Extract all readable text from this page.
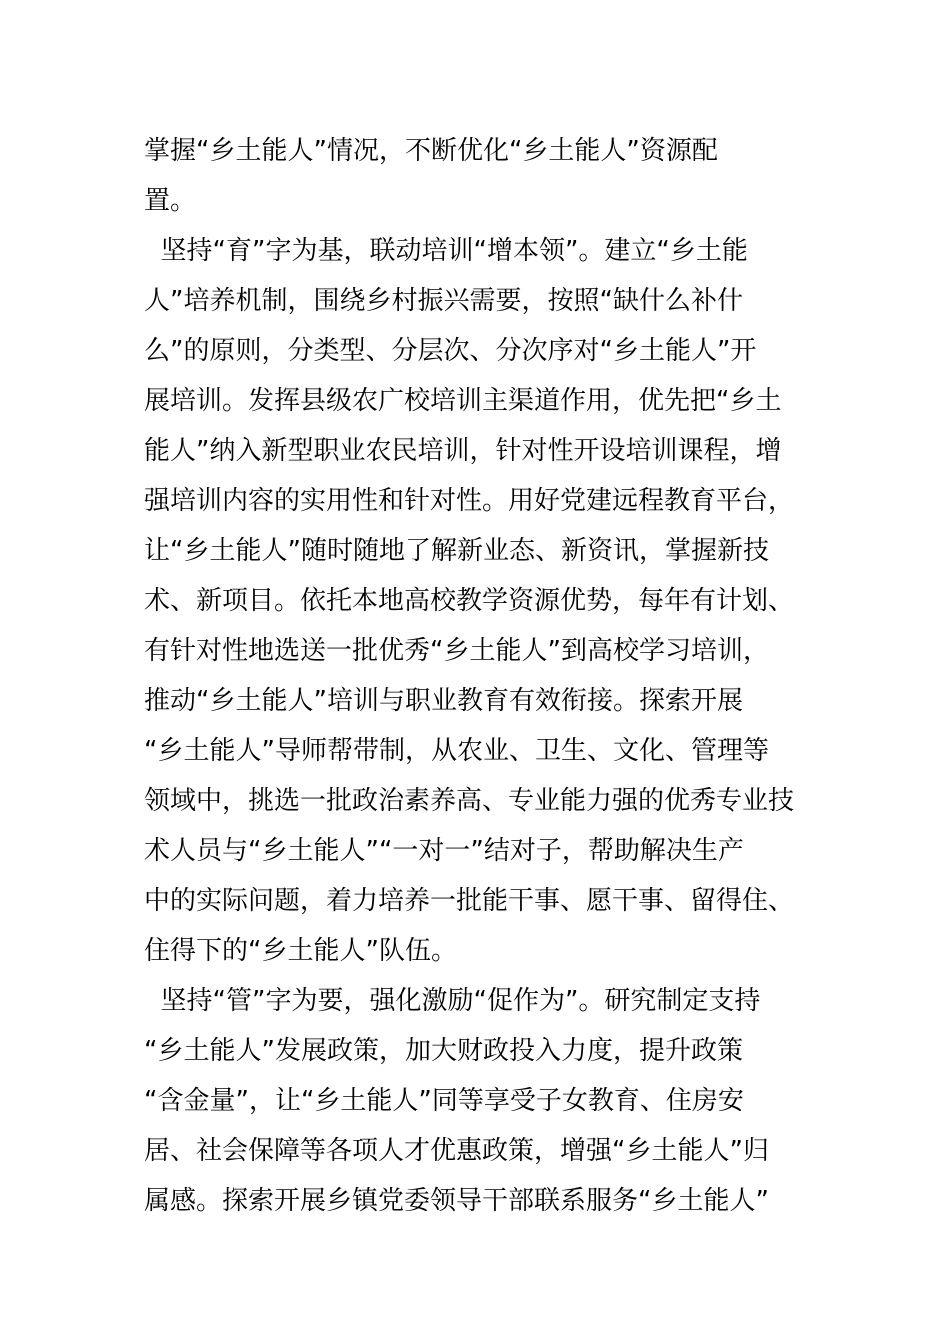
掌握“乡土能人”情况，不断优化“乡土能人”资源配
置。
坚持“育”字为基，联动培训“增本领”。建立“乡土能
人”培养机制，围绕乡村振兴需要，按照“缺什么补什
么”的原则，分类型、分层次、分次序对“乡土能人”开
展培训。发挥县级农广校培训主渠道作用，优先把“乡土
能人”纳入新型职业农民培训，针对性开设培训课程，增
强培训内容的实用性和针对性。用好党建远程教育平台，
让“乡土能人”随时随地了解新业态、新资讯，掌握新技
术、新项目。依托本地高校教学资源优势，每年有计划、
有针对性地选送一批优秀“乡土能人”到高校学习培训，
推动“乡土能人”培训与职业教育有效衔接。探索开展
“乡土能人”导师帮带制，从农业、卫生、文化、管理等
领域中，挑选一批政治素养高、专业能力强的优秀专业技
术人员与“乡土能人”“一对一”结对子，帮助解决生产
中的实际问题，着力培养一批能干事、愿干事、留得住、
住得下的“乡土能人”队伍。
坚持“管”字为要，强化激励“促作为”。研究制定支持
“乡土能人”发展政策，加大财政投入力度，提升政策
“含金量”，让“乡土能人”同等享受子女教育、住房安
居、社会保障等各项人才优惠政策，增强“乡土能人”归
属感。探索开展乡镇党委领导干部联系服务“乡土能人”
